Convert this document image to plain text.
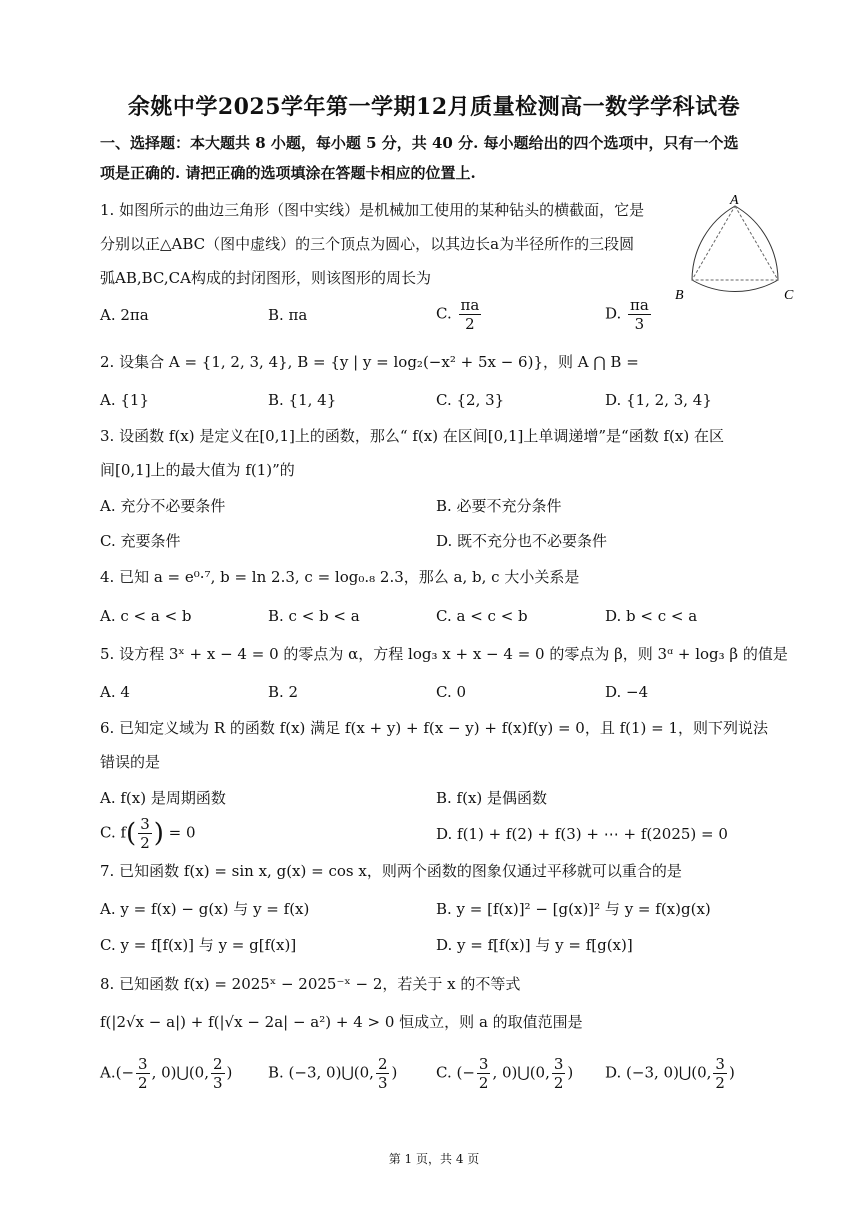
余姚中学2025学年第一学期12月质量检测高一数学学科试卷
一、选择题：本大题共 8 小题，每小题 5 分，共 40 分. 每小题给出的四个选项中，只有一个选
项是正确的. 请把正确的选项填涂在答题卡相应的位置上.
A
B	C
1. 如图所示的曲边三角形（图中实线）是机械加工使用的某种钻头的横截面，它是
分别以正△ABC（图中虚线）的三个顶点为圆心，以其边长a为半径所作的三段圆
弧AB,BC,CA构成的封闭图形，则该图形的周长为
A. 2πa	B. πa	C. $\frac{\pi a}{2}$	D. $\frac{\pi a}{3}$
2. 设集合 A = {1, 2, 3, 4}, B = {y | y = log₂(−x² + 5x − 6)}，则 A ⋂ B =
A. {1}	B. {1, 4}	C. {2, 3}	D. {1, 2, 3, 4}
3. 设函数 f(x) 是定义在[0,1]上的函数，那么“ f(x) 在区间[0,1]上单调递增”是“函数 f(x) 在区
间[0,1]上的最大值为 f(1)”的
A. 充分不必要条件	B. 必要不充分条件
C. 充要条件	D. 既不充分也不必要条件
4. 已知 a = e⁰·⁷, b = ln 2.3, c = log₀.₈ 2.3，那么 a, b, c 大小关系是
A. c < a < b	B. c < b < a	C. a < c < b	D. b < c < a
5. 设方程 3ˣ + x − 4 = 0 的零点为 α，方程 log₃ x + x − 4 = 0 的零点为 β，则 3ᵅ + log₃ β 的值是
A. 4	B. 2	C. 0	D. −4
6. 已知定义域为 R 的函数 f(x) 满足 f(x + y) + f(x − y) + f(x)f(y) = 0，且 f(1) = 1，则下列说法
错误的是
A. f(x) 是周期函数	B. f(x) 是偶函数
C. $f( \frac{3}{2}$ ) = 0	D. f(1) + f(2) + f(3) + ⋯ + f(2025) = 0
7. 已知函数 f(x) = sin x, g(x) = cos x，则两个函数的图象仅通过平移就可以重合的是
A. y = f(x) − g(x) 与 y = f(x)	B. y = [f(x)]² − [g(x)]² 与 y = f(x)g(x)
C. y = f[f(x)] 与 y = g[f(x)]	D. y = f[f(x)] 与 y = f[g(x)]
8. 已知函数 f(x) = 2025ˣ − 2025⁻ˣ − 2，若关于 x 的不等式
f(|2√x − a|) + f(|√x − 2a| − a²) + 4 > 0 恒成立，则 a 的取值范围是
$A.(- \frac{3}{2}$ , 0)⋃(0, $\frac{2}{3}$ ) B. (−3, 0)⋃(0, $\frac{2}{3}$ )	C. (− $\frac{3}{2}$ , 0)⋃(0, $\frac{3}{2}$ ) D. (−3, 0)⋃(0, $\frac{3}{2}$ )
第 1 页，共 4 页
